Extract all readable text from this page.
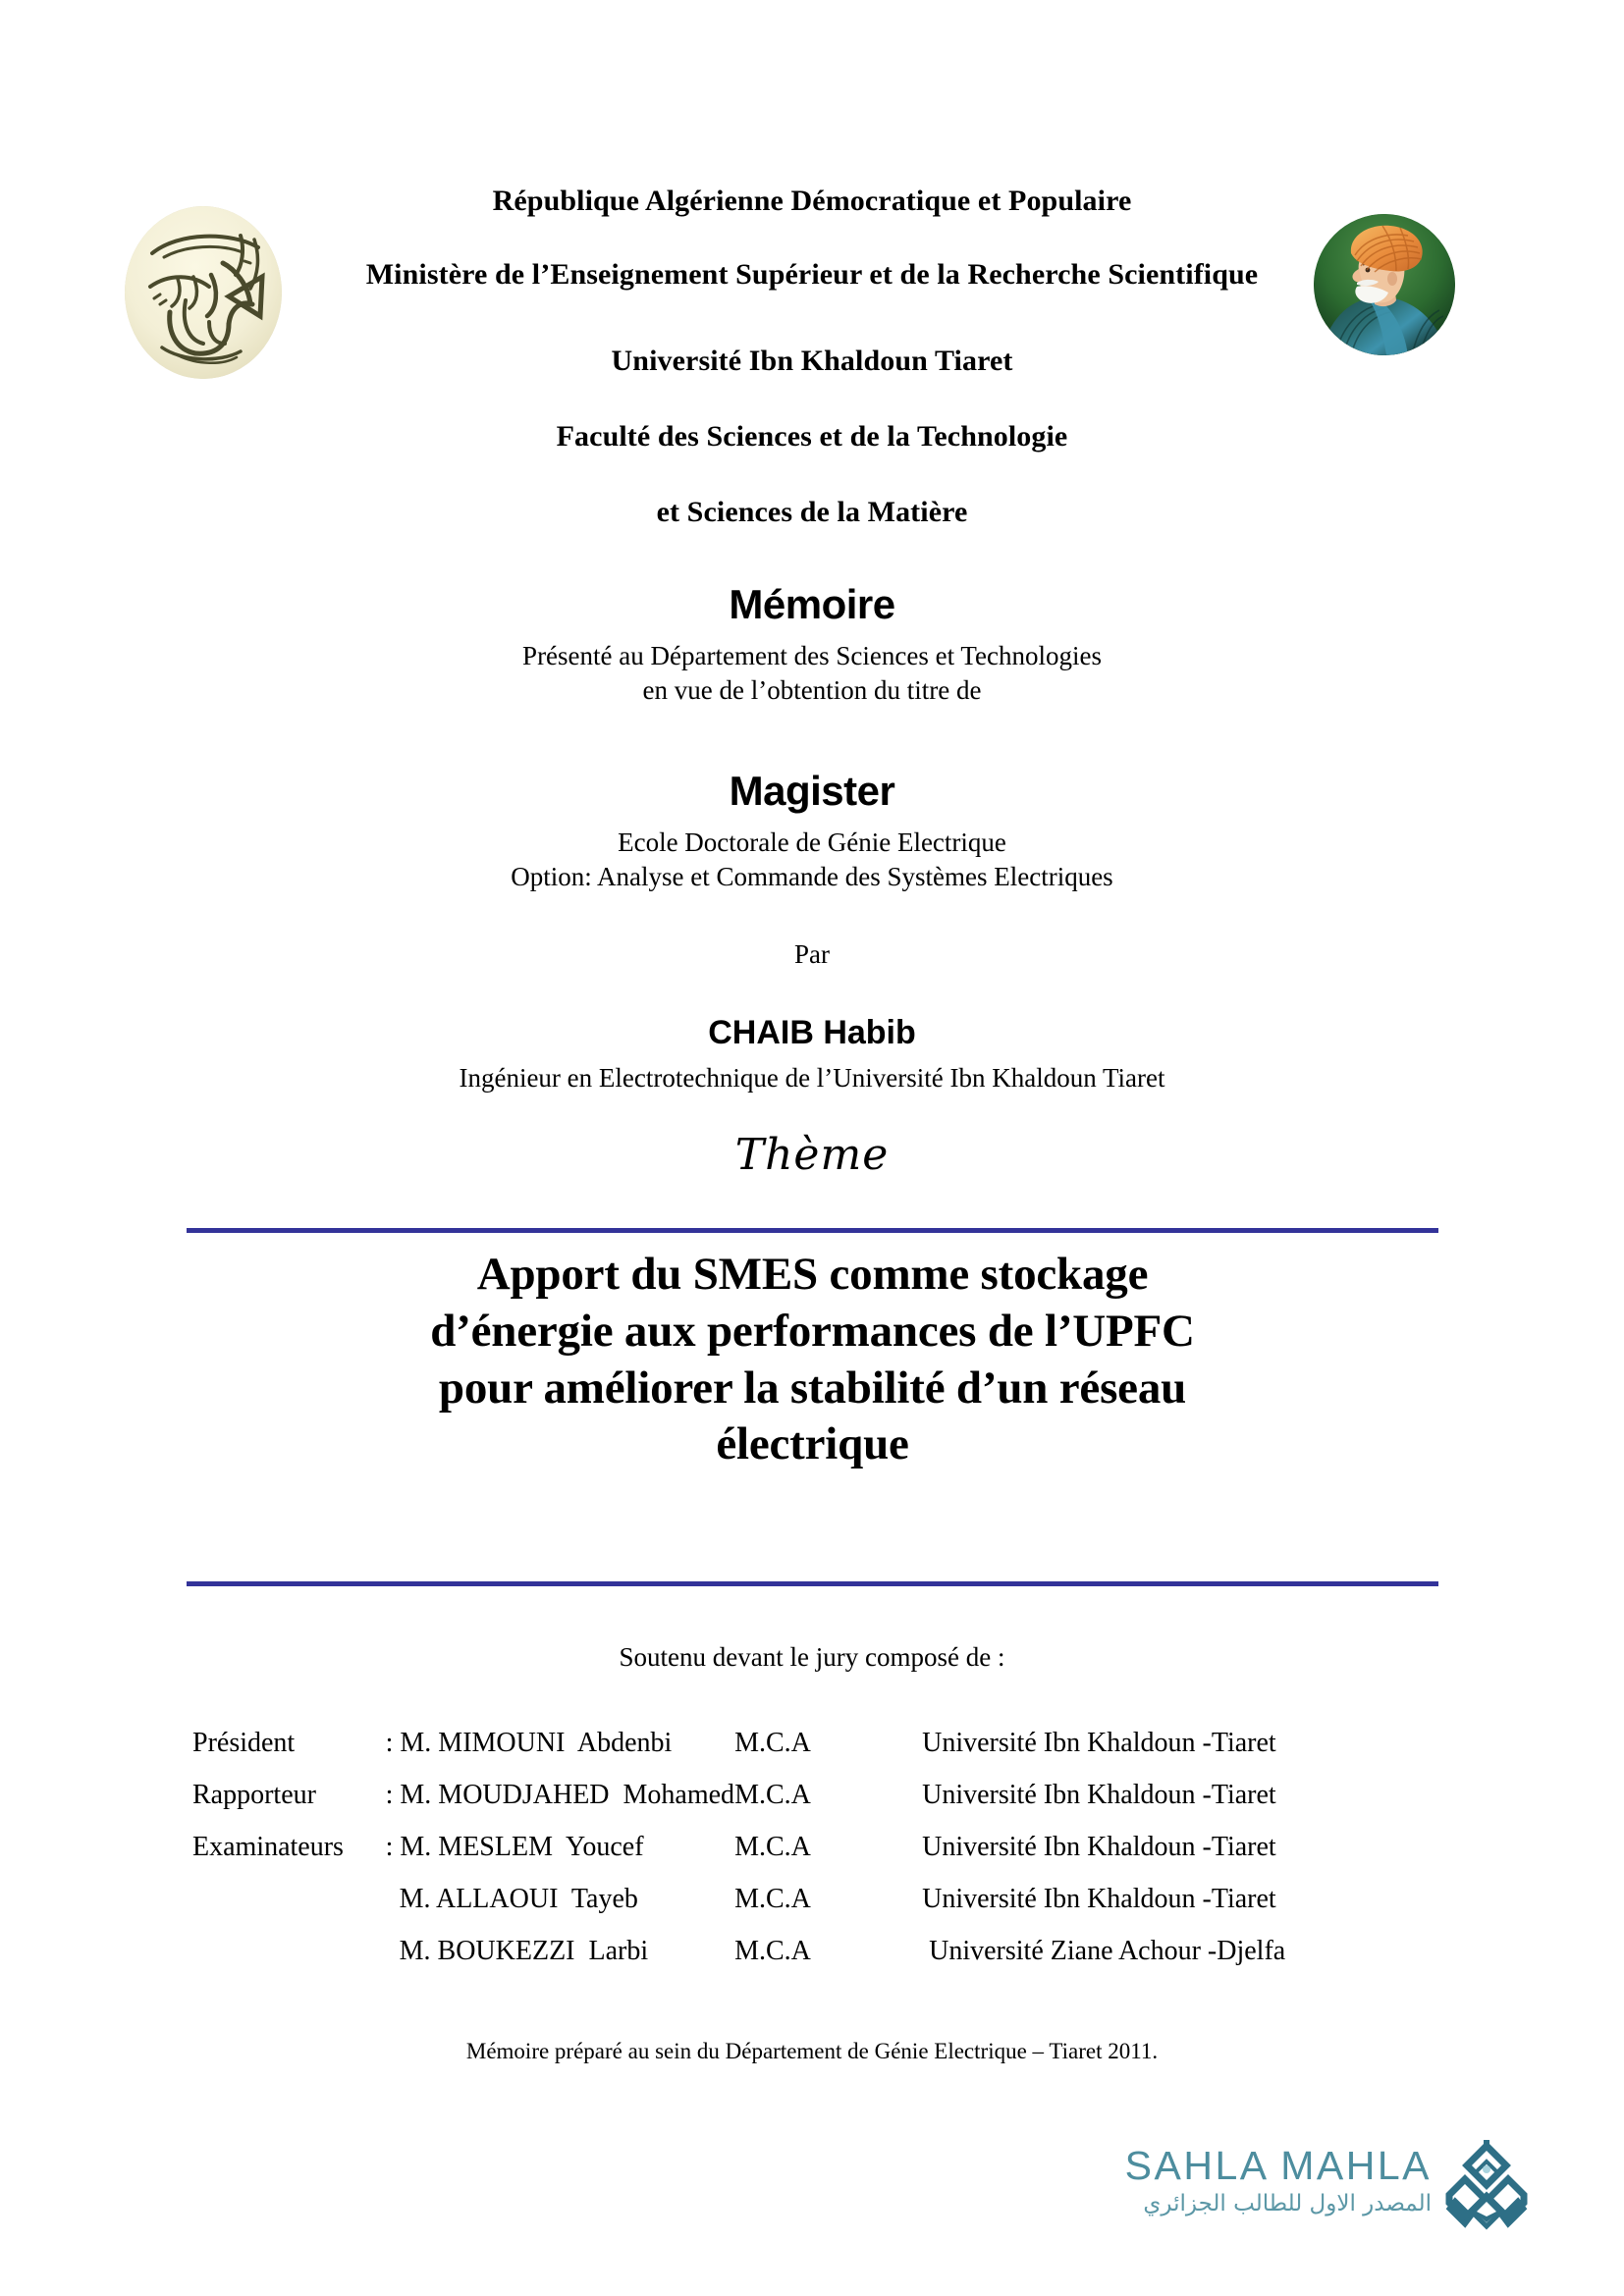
République Algérienne Démocratique et Populaire
Ministère de l’Enseignement Supérieur et de la Recherche Scientifique
Université Ibn Khaldoun Tiaret
Faculté des Sciences et de la Technologie
et Sciences de la Matière
Mémoire
Présenté au Département des Sciences et Technologies
en vue de l’obtention du titre de
Magister
Ecole Doctorale de Génie Electrique
Option: Analyse et Commande des Systèmes Electriques
Par
CHAIB Habib
Ingénieur en Electrotechnique de l’Université Ibn Khaldoun Tiaret
Thème
Apport du SMES comme stockage
d’énergie aux performances de l’UPFC
pour améliorer la stabilité d’un réseau
électrique
Soutenu devant le jury composé de :
Président	: M. MIMOUNI  Abdenbi	M.C.A	Université Ibn Khaldoun -Tiaret
Rapporteur	: M. MOUDJAHED  Mohamed	M.C.A	Université Ibn Khaldoun -Tiaret
Examinateurs	: M. MESLEM  Youcef	M.C.A	Université Ibn Khaldoun -Tiaret
	M. ALLAOUI  Tayeb	M.C.A	Université Ibn Khaldoun -Tiaret
	M. BOUKEZZI  Larbi	M.C.A	Université Ziane Achour -Djelfa
Mémoire préparé au sein du Département de Génie Electrique – Tiaret 2011.
SAHLA MAHLA
المصدر الاول للطالب الجزائري
